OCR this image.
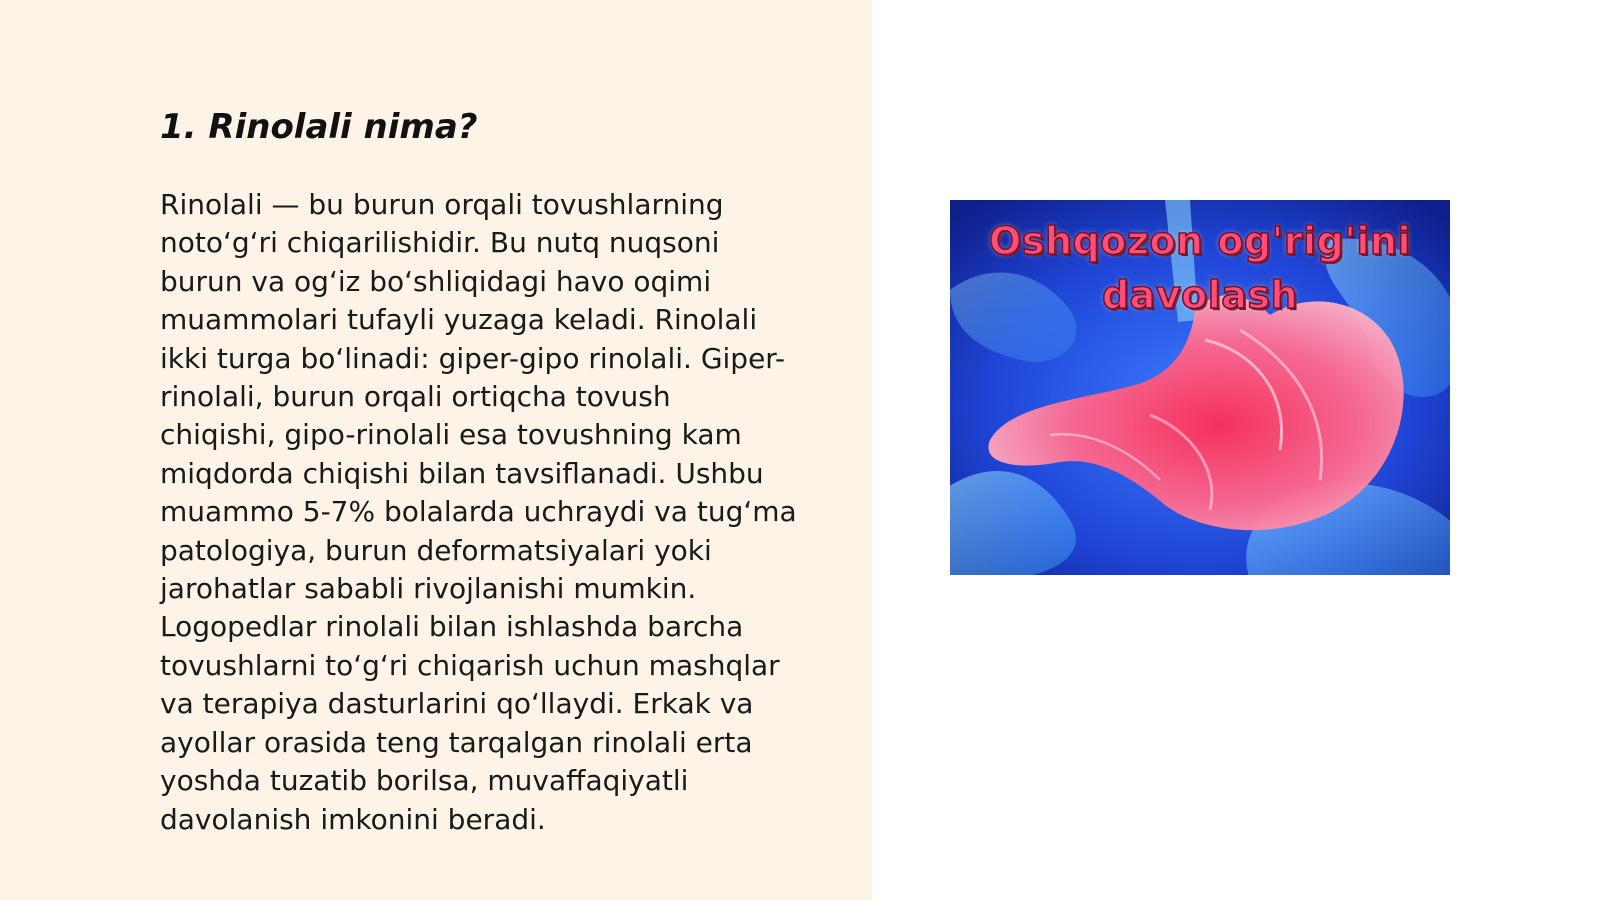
1. Rinolali nima?
Rinolali — bu burun orqali tovushlarning
noto‘g‘ri chiqarilishidir. Bu nutq nuqsoni
burun va og‘iz bo‘shliqidagi havo oqimi
muammolari tufayli yuzaga keladi. Rinolali
ikki turga bo‘linadi: giper-gipo rinolali. Giper-
rinolali, burun orqali ortiqcha tovush
chiqishi, gipo-rinolali esa tovushning kam
miqdorda chiqishi bilan tavsiflanadi. Ushbu
muammo 5-7% bolalarda uchraydi va tug‘ma
patologiya, burun deformatsiyalari yoki
jarohatlar sababli rivojlanishi mumkin.
Logopedlar rinolali bilan ishlashda barcha
tovushlarni to‘g‘ri chiqarish uchun mashqlar
va terapiya dasturlarini qo‘llaydi. Erkak va
ayollar orasida teng tarqalgan rinolali erta
yoshda tuzatib borilsa, muvaffaqiyatli
davolanish imkonini beradi.
Oshqozon og'rig'ini
davolash
